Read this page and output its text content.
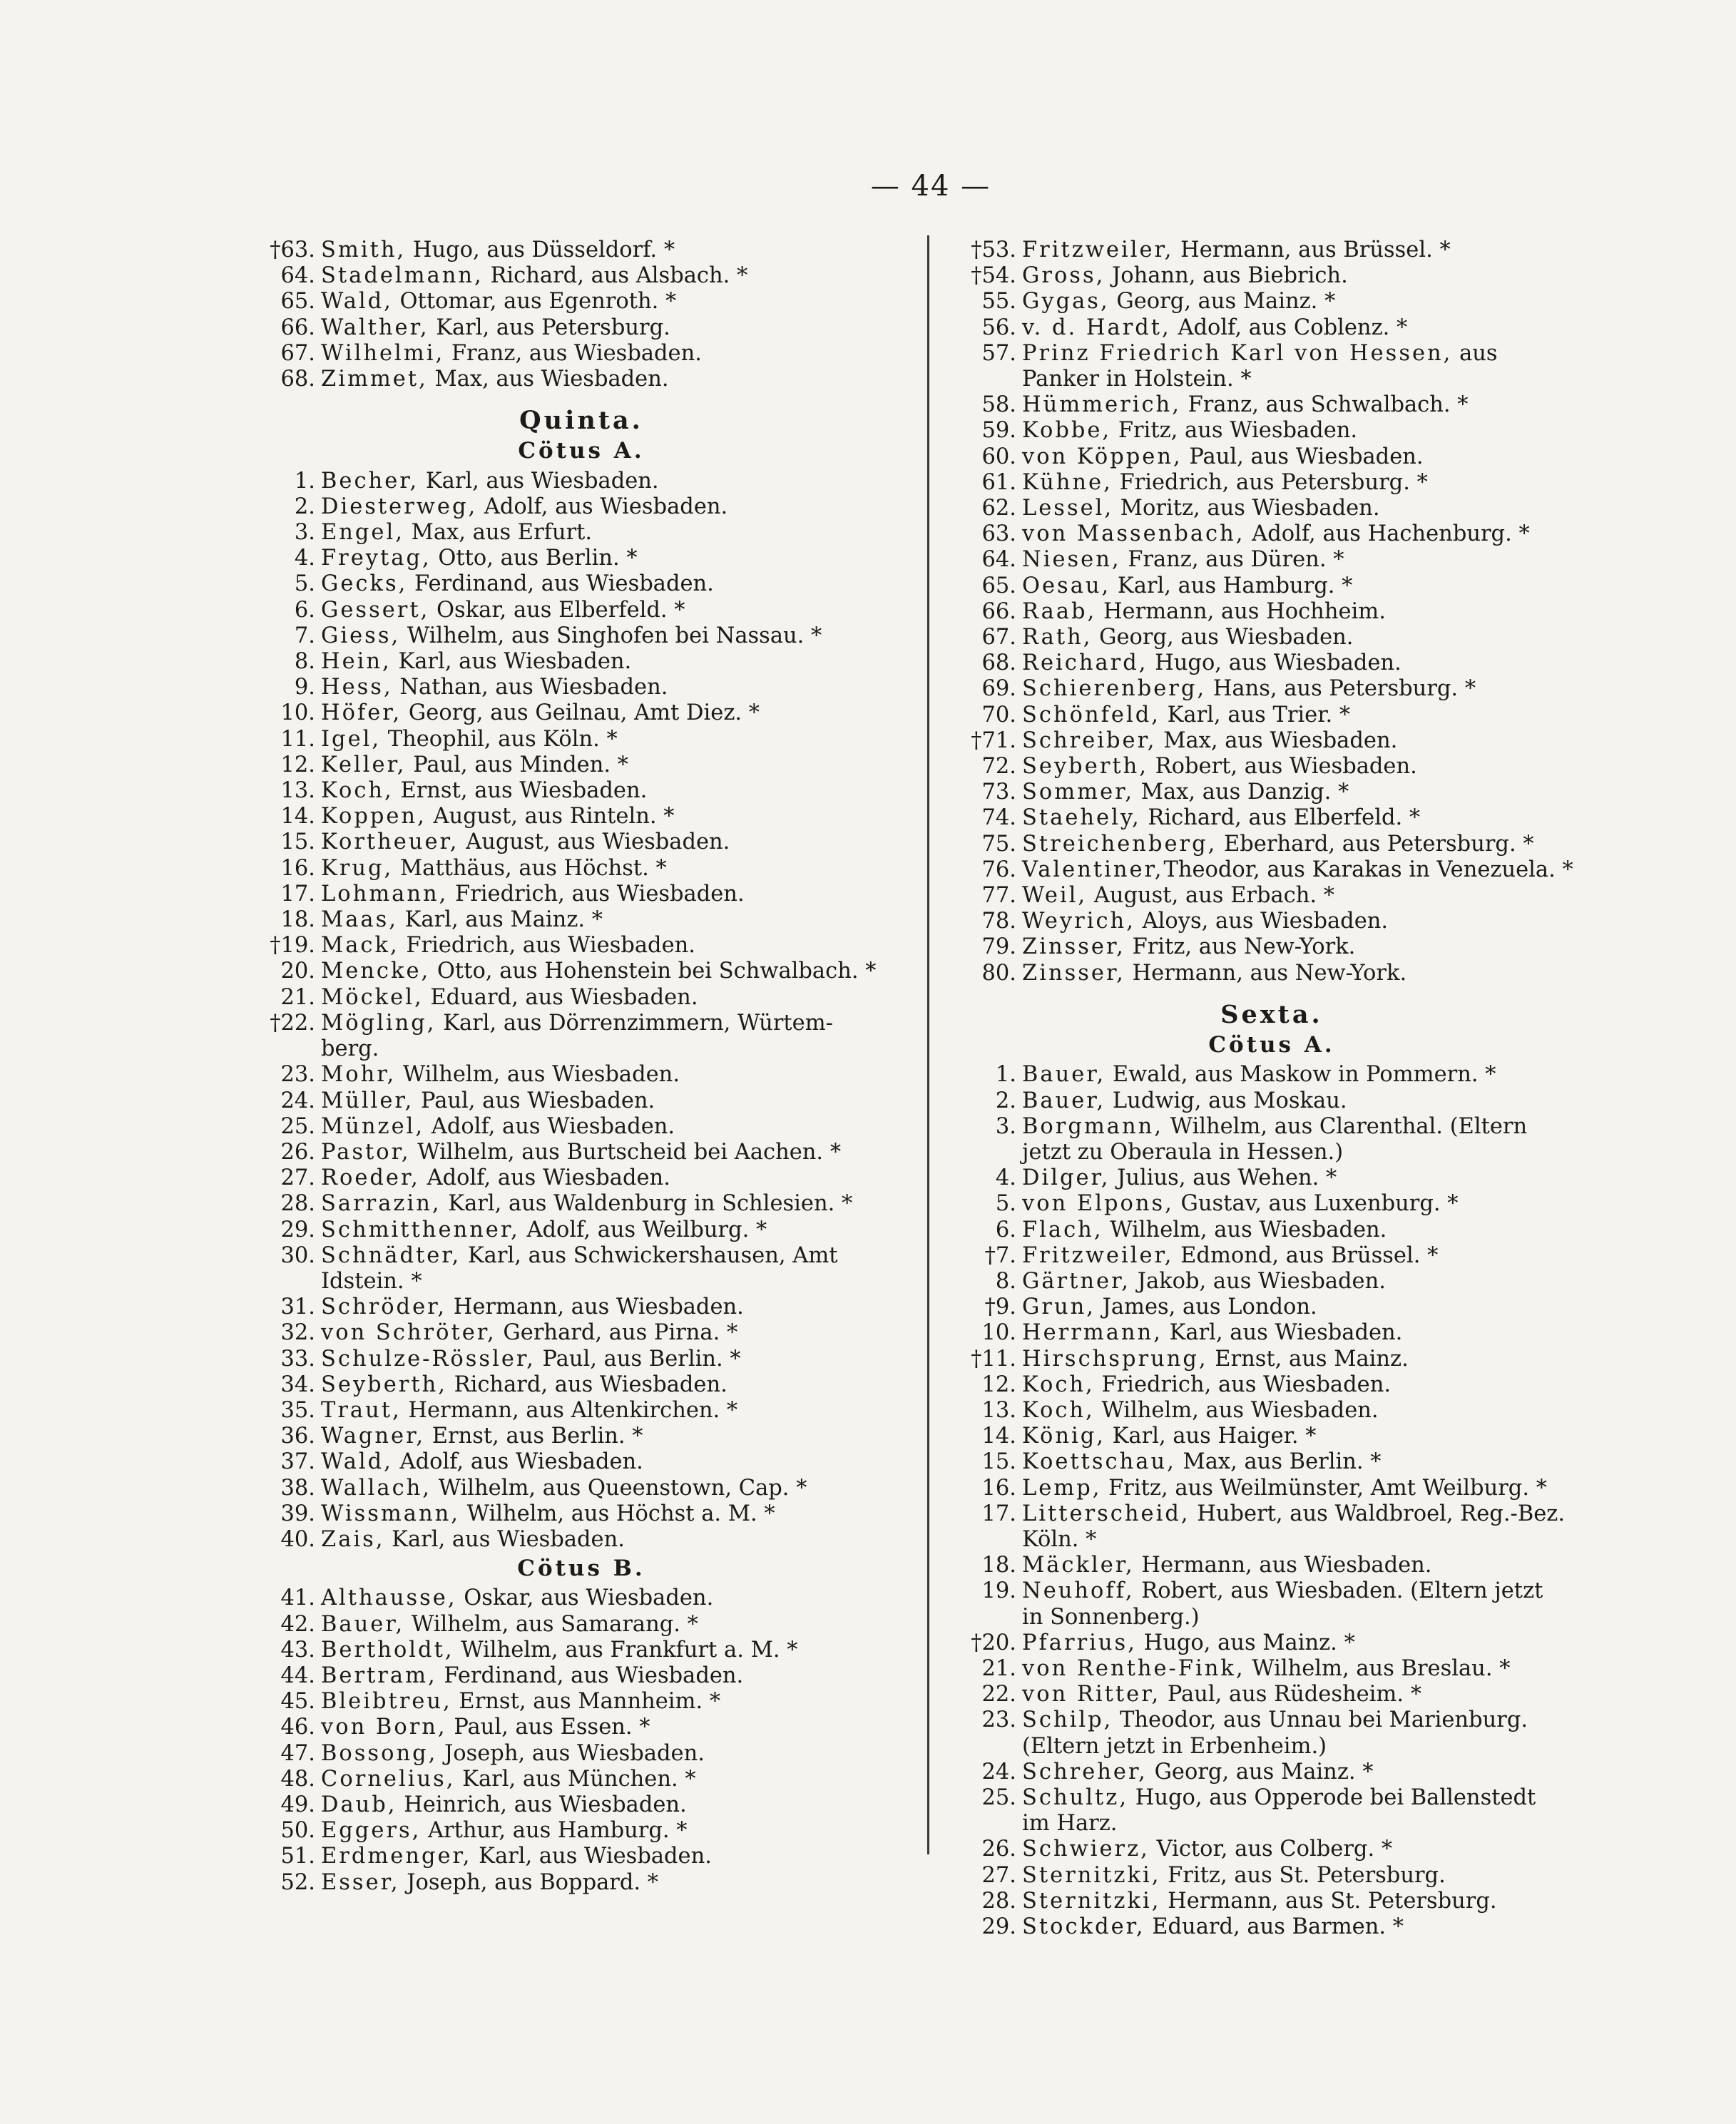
— 44 —
†63. Smith, Hugo, aus Düsseldorf. *
64. Stadelmann, Richard, aus Alsbach. *
65. Wald, Ottomar, aus Egenroth. *
66. Walther, Karl, aus Petersburg.
67. Wilhelmi, Franz, aus Wiesbaden.
68. Zimmet, Max, aus Wiesbaden.
Quinta.
Cötus A.
1. Becher, Karl, aus Wiesbaden.
2. Diesterweg, Adolf, aus Wiesbaden.
3. Engel, Max, aus Erfurt.
4. Freytag, Otto, aus Berlin. *
5. Gecks, Ferdinand, aus Wiesbaden.
6. Gessert, Oskar, aus Elberfeld. *
7. Giess, Wilhelm, aus Singhofen bei Nassau. *
8. Hein, Karl, aus Wiesbaden.
9. Hess, Nathan, aus Wiesbaden.
10. Höfer, Georg, aus Geilnau, Amt Diez. *
11. Igel, Theophil, aus Köln. *
12. Keller, Paul, aus Minden. *
13. Koch, Ernst, aus Wiesbaden.
14. Koppen, August, aus Rinteln. *
15. Kortheuer, August, aus Wiesbaden.
16. Krug, Matthäus, aus Höchst. *
17. Lohmann, Friedrich, aus Wiesbaden.
18. Maas, Karl, aus Mainz. *
†19. Mack, Friedrich, aus Wiesbaden.
20. Mencke, Otto, aus Hohenstein bei Schwalbach. *
21. Möckel, Eduard, aus Wiesbaden.
†22. Mögling, Karl, aus Dörrenzimmern, Würtem-
berg.
23. Mohr, Wilhelm, aus Wiesbaden.
24. Müller, Paul, aus Wiesbaden.
25. Münzel, Adolf, aus Wiesbaden.
26. Pastor, Wilhelm, aus Burtscheid bei Aachen. *
27. Roeder, Adolf, aus Wiesbaden.
28. Sarrazin, Karl, aus Waldenburg in Schlesien. *
29. Schmitthenner, Adolf, aus Weilburg. *
30. Schnädter, Karl, aus Schwickershausen, Amt
Idstein. *
31. Schröder, Hermann, aus Wiesbaden.
32. von Schröter, Gerhard, aus Pirna. *
33. Schulze-Rössler, Paul, aus Berlin. *
34. Seyberth, Richard, aus Wiesbaden.
35. Traut, Hermann, aus Altenkirchen. *
36. Wagner, Ernst, aus Berlin. *
37. Wald, Adolf, aus Wiesbaden.
38. Wallach, Wilhelm, aus Queenstown, Cap. *
39. Wissmann, Wilhelm, aus Höchst a. M. *
40. Zais, Karl, aus Wiesbaden.
Cötus B.
41. Althausse, Oskar, aus Wiesbaden.
42. Bauer, Wilhelm, aus Samarang. *
43. Bertholdt, Wilhelm, aus Frankfurt a. M. *
44. Bertram, Ferdinand, aus Wiesbaden.
45. Bleibtreu, Ernst, aus Mannheim. *
46. von Born, Paul, aus Essen. *
47. Bossong, Joseph, aus Wiesbaden.
48. Cornelius, Karl, aus München. *
49. Daub, Heinrich, aus Wiesbaden.
50. Eggers, Arthur, aus Hamburg. *
51. Erdmenger, Karl, aus Wiesbaden.
52. Esser, Joseph, aus Boppard. *
†53. Fritzweiler, Hermann, aus Brüssel. *
†54. Gross, Johann, aus Biebrich.
55. Gygas, Georg, aus Mainz. *
56. v. d. Hardt, Adolf, aus Coblenz. *
57. Prinz Friedrich Karl von Hessen, aus
Panker in Holstein. *
58. Hümmerich, Franz, aus Schwalbach. *
59. Kobbe, Fritz, aus Wiesbaden.
60. von Köppen, Paul, aus Wiesbaden.
61. Kühne, Friedrich, aus Petersburg. *
62. Lessel, Moritz, aus Wiesbaden.
63. von Massenbach, Adolf, aus Hachenburg. *
64. Niesen, Franz, aus Düren. *
65. Oesau, Karl, aus Hamburg. *
66. Raab, Hermann, aus Hochheim.
67. Rath, Georg, aus Wiesbaden.
68. Reichard, Hugo, aus Wiesbaden.
69. Schierenberg, Hans, aus Petersburg. *
70. Schönfeld, Karl, aus Trier. *
†71. Schreiber, Max, aus Wiesbaden.
72. Seyberth, Robert, aus Wiesbaden.
73. Sommer, Max, aus Danzig. *
74. Staehely, Richard, aus Elberfeld. *
75. Streichenberg, Eberhard, aus Petersburg. *
76. Valentiner,Theodor, aus Karakas in Venezuela. *
77. Weil, August, aus Erbach. *
78. Weyrich, Aloys, aus Wiesbaden.
79. Zinsser, Fritz, aus New-York.
80. Zinsser, Hermann, aus New-York.
Sexta.
Cötus A.
1. Bauer, Ewald, aus Maskow in Pommern. *
2. Bauer, Ludwig, aus Moskau.
3. Borgmann, Wilhelm, aus Clarenthal. (Eltern
jetzt zu Oberaula in Hessen.)
4. Dilger, Julius, aus Wehen. *
5. von Elpons, Gustav, aus Luxenburg. *
6. Flach, Wilhelm, aus Wiesbaden.
†7. Fritzweiler, Edmond, aus Brüssel. *
8. Gärtner, Jakob, aus Wiesbaden.
†9. Grun, James, aus London.
10. Herrmann, Karl, aus Wiesbaden.
†11. Hirschsprung, Ernst, aus Mainz.
12. Koch, Friedrich, aus Wiesbaden.
13. Koch, Wilhelm, aus Wiesbaden.
14. König, Karl, aus Haiger. *
15. Koettschau, Max, aus Berlin. *
16. Lemp, Fritz, aus Weilmünster, Amt Weilburg. *
17. Litterscheid, Hubert, aus Waldbroel, Reg.-Bez.
Köln. *
18. Mäckler, Hermann, aus Wiesbaden.
19. Neuhoff, Robert, aus Wiesbaden. (Eltern jetzt
in Sonnenberg.)
†20. Pfarrius, Hugo, aus Mainz. *
21. von Renthe-Fink, Wilhelm, aus Breslau. *
22. von Ritter, Paul, aus Rüdesheim. *
23. Schilp, Theodor, aus Unnau bei Marienburg.
(Eltern jetzt in Erbenheim.)
24. Schreher, Georg, aus Mainz. *
25. Schultz, Hugo, aus Opperode bei Ballenstedt
im Harz.
26. Schwierz, Victor, aus Colberg. *
27. Sternitzki, Fritz, aus St. Petersburg.
28. Sternitzki, Hermann, aus St. Petersburg.
29. Stockder, Eduard, aus Barmen. *
